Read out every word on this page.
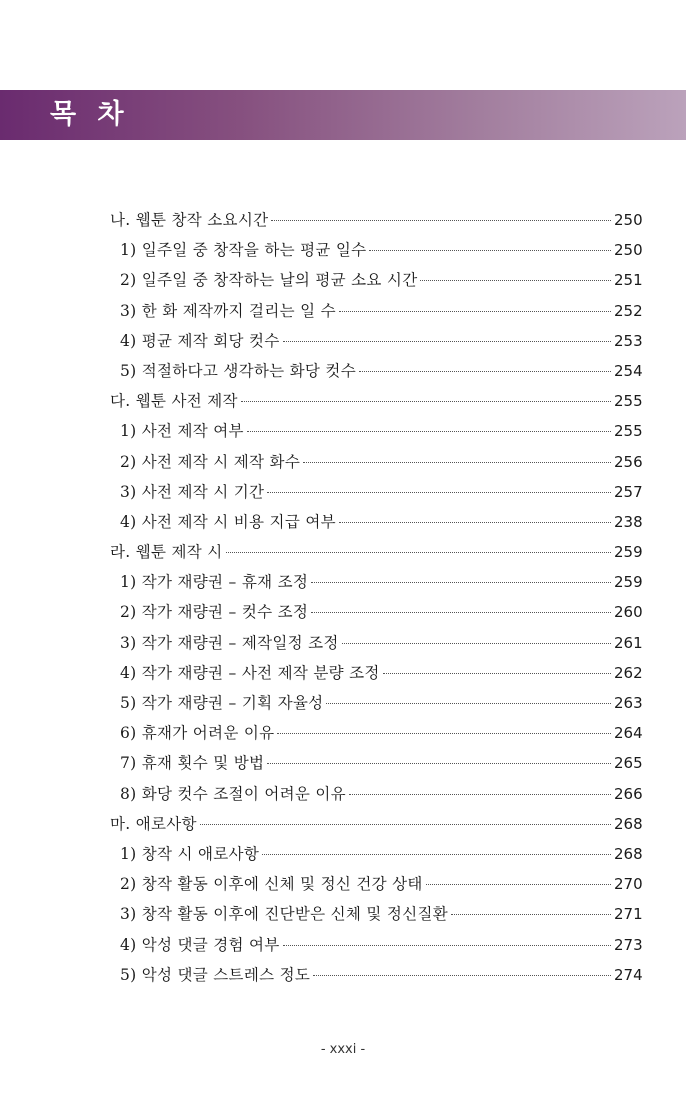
목 차
나. 웹툰 창작 소요시간	250
1) 일주일 중 창작을 하는 평균 일수	250
2) 일주일 중 창작하는 날의 평균 소요 시간	251
3) 한 화 제작까지 걸리는 일 수	252
4) 평균 제작 회당 컷수	253
5) 적절하다고 생각하는 화당 컷수	254
다. 웹툰 사전 제작	255
1) 사전 제작 여부	255
2) 사전 제작 시 제작 화수	256
3) 사전 제작 시 기간	257
4) 사전 제작 시 비용 지급 여부	238
라. 웹툰 제작 시	259
1) 작가 재량권 – 휴재 조정	259
2) 작가 재량권 – 컷수 조정	260
3) 작가 재량권 – 제작일정 조정	261
4) 작가 재량권 – 사전 제작 분량 조정	262
5) 작가 재량권 – 기획 자율성	263
6) 휴재가 어려운 이유	264
7) 휴재 횟수 및 방법	265
8) 화당 컷수 조절이 어려운 이유	266
마. 애로사항	268
1) 창작 시 애로사항	268
2) 창작 활동 이후에 신체 및 정신 건강 상태	270
3) 창작 활동 이후에 진단받은 신체 및 정신질환	271
4) 악성 댓글 경험 여부	273
5) 악성 댓글 스트레스 정도	274
- xxxi -
